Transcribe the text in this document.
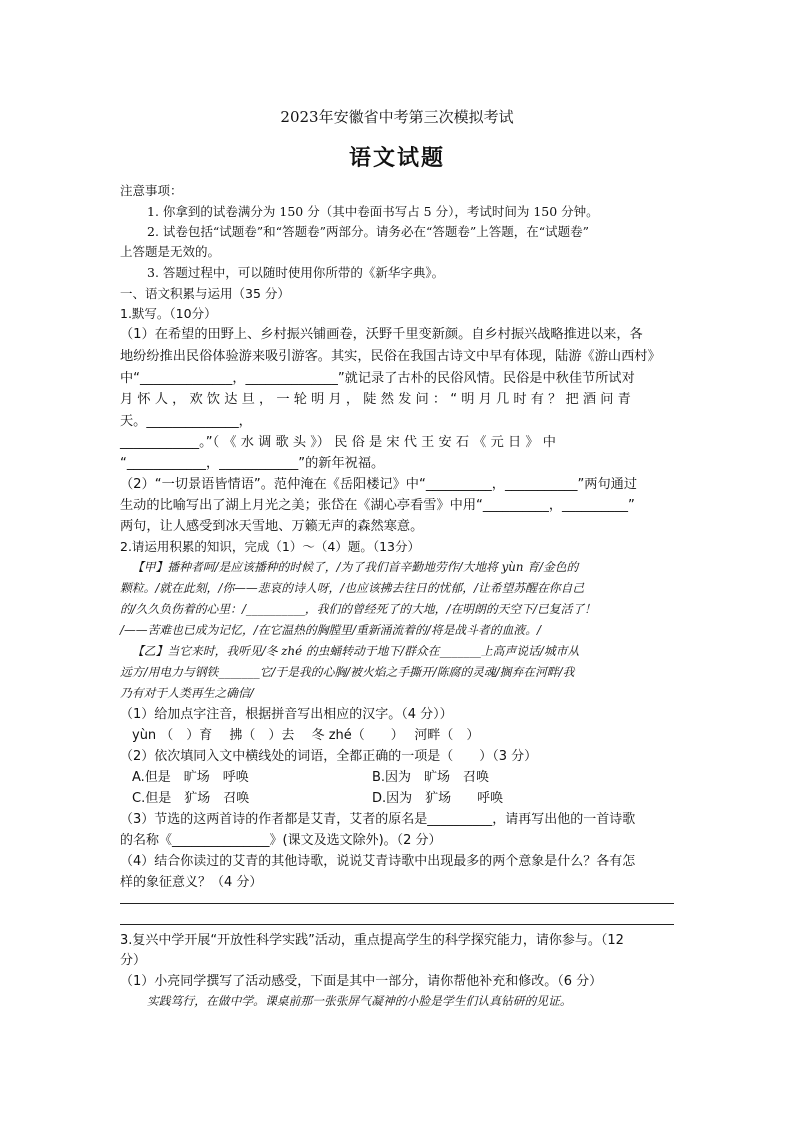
2023年安徽省中考第三次模拟考试
语文试题
注意事项：
1. 你拿到的试卷满分为 150 分（其中卷面书写占 5 分），考试时间为 150 分钟。
2. 试卷包括“试题卷”和“答题卷”两部分。请务必在“答题卷”上答题，在“试题卷”
上答题是无效的。
3. 答题过程中，可以随时使用你所带的《新华字典》。
一、语文积累与运用（35 分）
1.默写。（10分）
（1）在希望的田野上、乡村振兴铺画卷，沃野千里变新颜。自乡村振兴战略推进以来，各
地纷纷推出民俗体验游来吸引游客。其实，民俗在我国古诗文中早有体现，陆游《游山西村》
中“______________，______________”就记录了古朴的民俗风情。民俗是中秋佳节所试对
月 怀 人 ， 欢 饮 达 旦 ， 一 轮 明 月 ， 陡 然 发 问 ： “ 明 月 几 时 有 ？ 把 酒 问 青
天。______________，
____________。”（ 《 水 调 歌 头 》） 民 俗 是 宋 代 王 安 石 《 元 日 》 中
“____________，____________”的新年祝福。
（2）“一切景语皆情语”。范仲淹在《岳阳楼记》中“__________，___________”两句通过
生动的比喻写出了湖上月光之美；张岱在《湖心亭看雪》中用“__________，__________”
两句，让人感受到冰天雪地、万籁无声的森然寒意。
2.请运用积累的知识，完成（1）～（4）题。（13分）
【甲】播种者呵/是应该播种的时候了，/为了我们首辛勤地劳作/大地将 yùn 育/金色的
颗粒。/就在此刻，/你——悲哀的诗人呀，/也应该拂去往日的忧郁，/让希望苏醒在你自己
的/久久负伤着的心里：/__________，我们的曾经死了的大地，/在明朗的天空下/已复活了！
/——苦难也已成为记忆，/在它温热的胸膛里/重新涌流着的/将是战斗者的血液。/
【乙】当它来时，我听见/冬 zhé 的虫蛹转动于地下/群众在_______上高声说话/城市从
远方/用电力与钢铁_______它/于是我的心胸/被火焰之手撕开/陈腐的灵魂/搁弃在河畔/我
乃有对于人类再生之确信/
（1）给加点字注音，根据拼音写出相应的汉字。（4 分））
yùn （　）育　 拂（　）去　 冬 zhé（　　）　 河畔（　）
（2）依次填同入文中横线处的词语，全都正确的一项是（　　）（3 分）
A.但是　旷场　呼唤	B.因为　旷场　召唤
C.但是　犷场　召唤	D.因为　犷场　　呼唤
（3）节选的这两首诗的作者都是艾青，艾者的原名是__________，请再写出他的一首诗歌
的名称《_______________》(课文及选文除外)。（2 分）
（4）结合你读过的艾青的其他诗歌，说说艾青诗歌中出现最多的两个意象是什么？各有怎
样的象征意义？（4 分）
3.复兴中学开展“开放性科学实践”活动，重点提高学生的科学探究能力，请你参与。（12
分）
（1）小亮同学撰写了活动感受，下面是其中一部分，请你帮他补充和修改。（6 分）
实践笃行，在做中学。课桌前那一张张屏气凝神的小脸是学生们认真钻研的见证。
